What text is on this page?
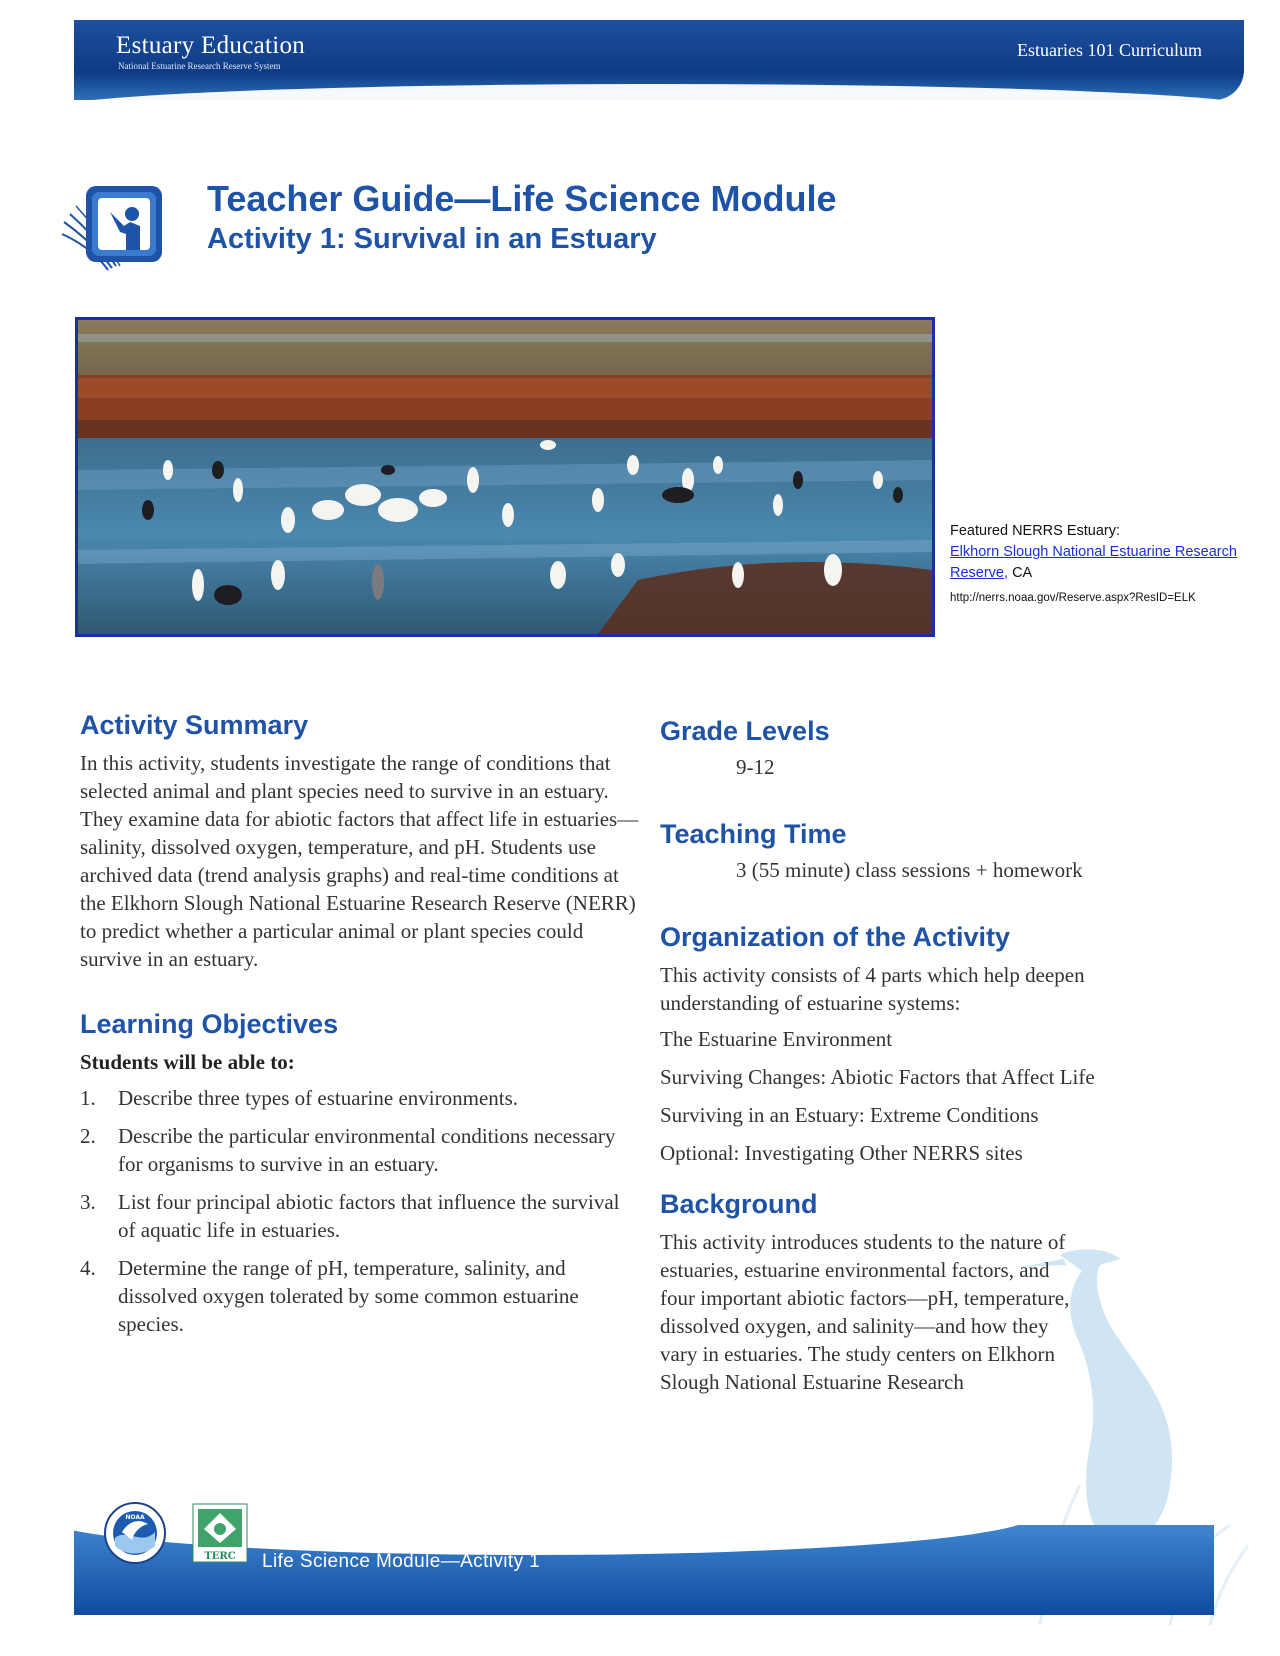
Estuary Education
National Estuarine Research Reserve System
Estuaries 101 Curriculum
Teacher Guide—Life Science Module
Activity 1: Survival in an Estuary
Featured NERRS Estuary:
Elkhorn Slough National Estuarine Research Reserve, CA
http://nerrs.noaa.gov/Reserve.aspx?ResID=ELK
Activity Summary
In this activity, students investigate the range of conditions that selected animal and plant species need to survive in an estuary. They examine data for abiotic factors that affect life in estuaries—salinity, dissolved oxygen, temperature, and pH. Students use archived data (trend analysis graphs) and real-time conditions at the Elkhorn Slough National Estuarine Research Reserve (NERR) to predict whether a particular animal or plant species could survive in an estuary.
Learning Objectives
Students will be able to:
1. Describe three types of estuarine environments.
2. Describe the particular environmental conditions necessary for organisms to survive in an estuary.
3. List four principal abiotic factors that influence the survival of aquatic life in estuaries.
4. Determine the range of pH, temperature, salinity, and dissolved oxygen tolerated by some common estuarine species.
Grade Levels
9-12
Teaching Time
3 (55 minute) class sessions + homework
Organization of the Activity
This activity consists of 4 parts which help deepen understanding of estuarine systems:

The Estuarine Environment

Surviving Changes: Abiotic Factors that Affect Life

Surviving in an Estuary: Extreme Conditions

Optional: Investigating Other NERRS sites

Background
This activity introduces students to the nature of estuaries, estuarine environmental factors, and four important abiotic factors—pH, temperature, dissolved oxygen, and salinity—and how they vary in estuaries. The study centers on Elkhorn Slough National Estuarine Research
Life Science Module—Activity 1
NOAA
TERC
